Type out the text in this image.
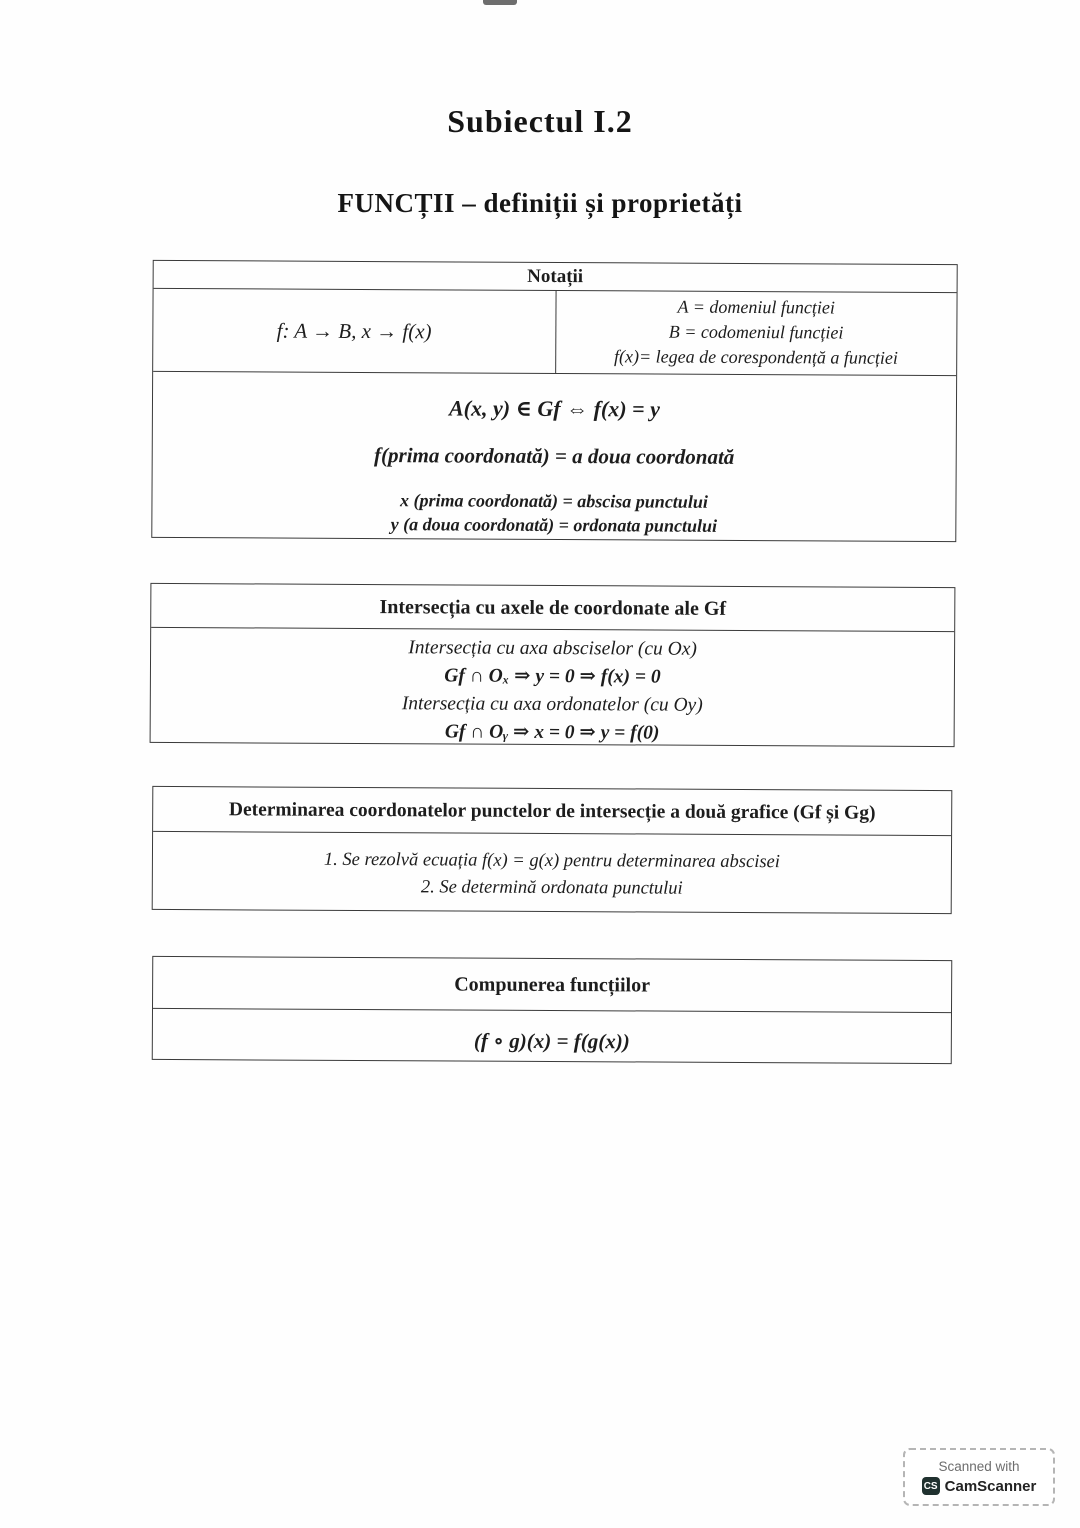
Subiectul I.2
FUNCȚII – definiții și proprietăți
Notații
f: A → B, x → f(x)
A = domeniul funcției
B = codomeniul funcției
f(x)= legea de corespondență a funcției
A(x, y) ∈ Gf ⇔ f(x) = y
f(prima coordonată) = a doua coordonată
x (prima coordonată) = abscisa punctului
y (a doua coordonată) = ordonata punctului
Intersecția cu axele de coordonate ale Gf
Intersecția cu axa absciselor (cu Ox)
Gf ∩ Oₓ ⇒ y = 0 ⇒ f(x) = 0
Intersecția cu axa ordonatelor (cu Oy)
Gf ∩ Oᵧ ⇒ x = 0 ⇒ y = f(0)
Determinarea coordonatelor punctelor de intersecție a două grafice (Gf și Gg)
1. Se rezolvă ecuația f(x) = g(x) pentru determinarea abscisei
2. Se determină ordonata punctului
Compunerea funcțiilor
(f ∘ g)(x) = f(g(x))
Scanned with
CS CamScanner
